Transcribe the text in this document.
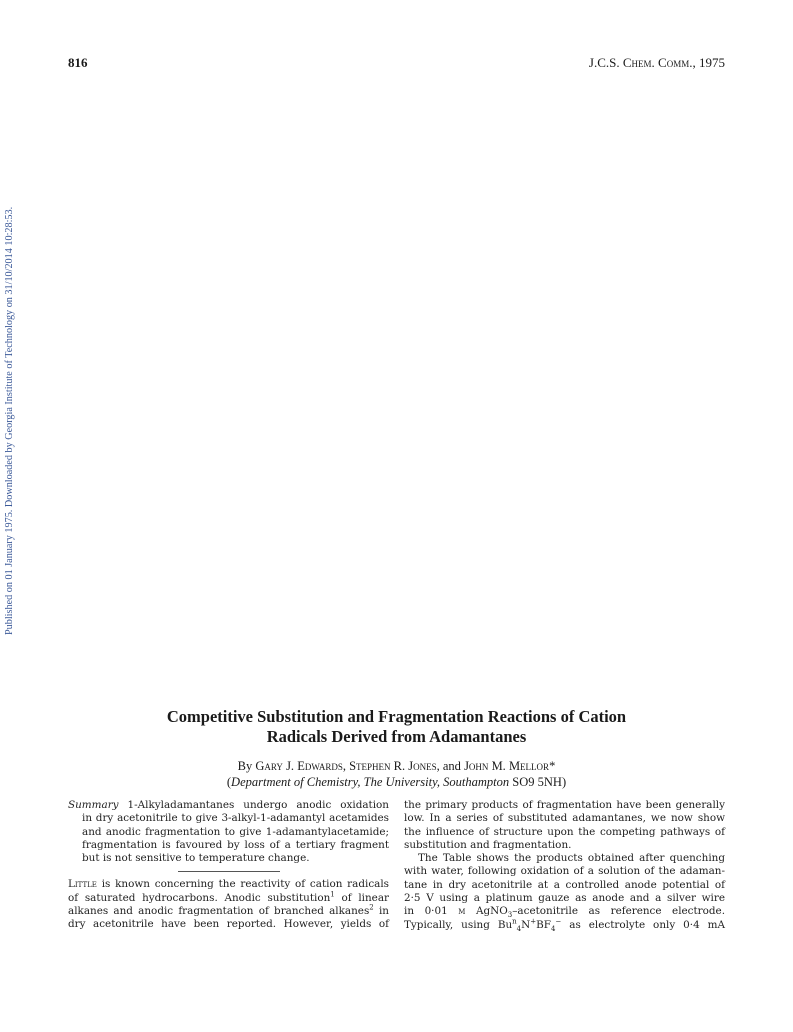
816	J.C.S. Chem. Comm., 1975
Published on 01 January 1975. Downloaded by Georgia Institute of Technology on 31/10/2014 10:28:53.
Competitive Substitution and Fragmentation Reactions of Cation
Radicals Derived from Adamantanes
By Gary J. Edwards, Stephen R. Jones, and John M. Mellor*
(Department of Chemistry, The University, Southampton SO9 5NH)
Summary 1-Alkyladamantanes undergo anodic oxidation
in dry acetonitrile to give 3-alkyl-1-adamantyl acetamides
and anodic fragmentation to give 1-adamantylacetamide;
fragmentation is favoured by loss of a tertiary fragment
but is not sensitive to temperature change.
Little is known concerning the reactivity of cation radicals
of saturated hydrocarbons. Anodic substitution$^1$ of linear
alkanes and anodic fragmentation of branched alkanes$^2$ in
dry acetonitrile have been reported. However, yields of
the primary products of fragmentation have been generally
low. In a series of substituted adamantanes, we now show
the influence of structure upon the competing pathways of
substitution and fragmentation.
The Table shows the products obtained after quenching
with water, following oxidation of a solution of the adaman-
tane in dry acetonitrile at a controlled anode potential of
2·5 V using a platinum gauze as anode and a silver wire
in 0·01 m AgNO$_3$–acetonitrile as reference electrode.
Typically, using $Bu^n_4N^+BF_4^-$ as electrolyte only 0·4 mA
